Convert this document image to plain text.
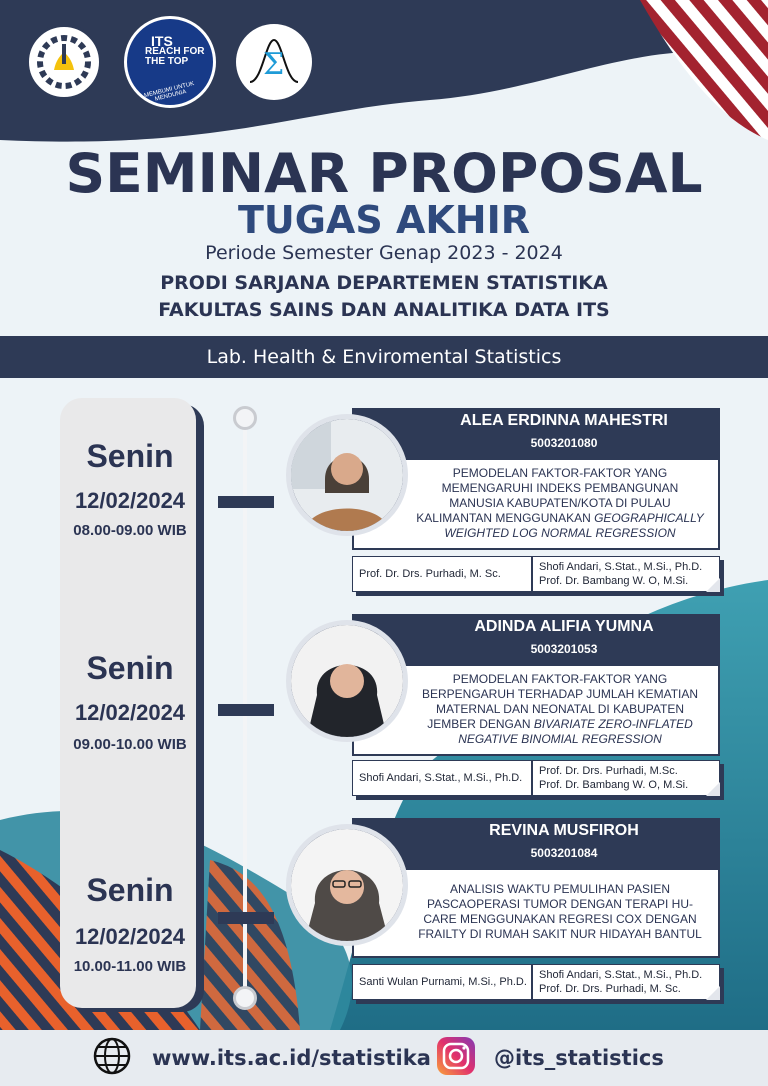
ITS
REACH FOR THE TOP
MEMBUMI UNTUK MENDUNIA
Σ
SEMINAR PROPOSAL
TUGAS AKHIR
Periode Semester Genap 2023 - 2024
PRODI SARJANA DEPARTEMEN STATISTIKA
FAKULTAS SAINS DAN ANALITIKA DATA ITS
Lab. Health & Enviromental Statistics
Senin
12/02/2024
08.00-09.00 WIB
Senin
12/02/2024
09.00-10.00 WIB
Senin
12/02/2024
10.00-11.00 WIB
ALEA ERDINNA MAHESTRI
5003201080
PEMODELAN FAKTOR-FAKTOR YANG MEMENGARUHI INDEKS PEMBANGUNAN MANUSIA KABUPATEN/KOTA DI PULAU KALIMANTAN MENGGUNAKAN GEOGRAPHICALLY WEIGHTED LOG NORMAL REGRESSION
Prof. Dr. Drs. Purhadi, M. Sc.
Shofi Andari, S.Stat., M.Si., Ph.D.
Prof. Dr. Bambang W. O, M.Si.
ADINDA ALIFIA YUMNA
5003201053
PEMODELAN FAKTOR-FAKTOR YANG BERPENGARUH TERHADAP JUMLAH KEMATIAN MATERNAL DAN NEONATAL DI KABUPATEN JEMBER DENGAN BIVARIATE ZERO-INFLATED NEGATIVE BINOMIAL REGRESSION
Shofi Andari, S.Stat., M.Si., Ph.D.
Prof. Dr. Drs. Purhadi, M.Sc.
Prof. Dr. Bambang W. O, M.Si.
REVINA MUSFIROH
5003201084
ANALISIS WAKTU PEMULIHAN PASIEN PASCAOPERASI TUMOR DENGAN TERAPI HU-CARE MENGGUNAKAN REGRESI COX DENGAN FRAILTY DI RUMAH SAKIT NUR HIDAYAH BANTUL
Santi Wulan Purnami, M.Si., Ph.D.
Shofi Andari, S.Stat., M.Si., Ph.D.
Prof. Dr. Drs. Purhadi, M. Sc.
www.its.ac.id/statistika	@its_statistics
